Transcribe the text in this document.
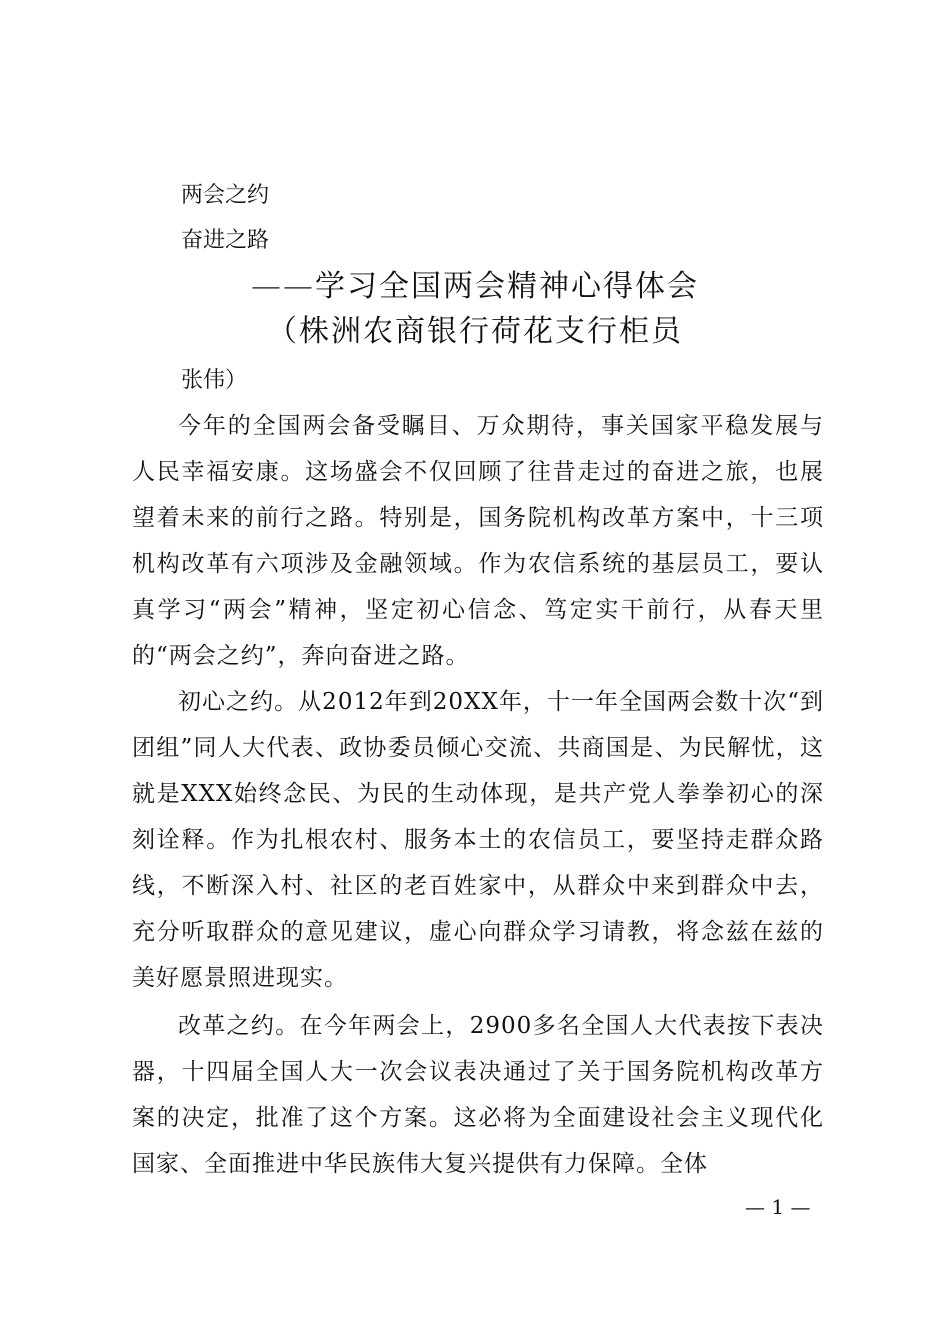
两会之约

奋进之路

——学习全国两会精神心得体会

（株洲农商银行荷花支行柜员

张伟）

今年的全国两会备受瞩目、万众期待，事关国家平稳发展与人民幸福安康。这场盛会不仅回顾了往昔走过的奋进之旅，也展望着未来的前行之路。特别是，国务院机构改革方案中，十三项机构改革有六项涉及金融领域。作为农信系统的基层员工，要认真学习“两会”精神，坚定初心信念、笃定实干前行，从春天里的“两会之约”，奔向奋进之路。

初心之约。从2012年到20XX年，十一年全国两会数十次“到团组”同人大代表、政协委员倾心交流、共商国是、为民解忧，这就是XXX始终念民、为民的生动体现，是共产党人拳拳初心的深刻诠释。作为扎根农村、服务本土的农信员工，要坚持走群众路线，不断深入村、社区的老百姓家中，从群众中来到群众中去，充分听取群众的意见建议，虚心向群众学习请教，将念兹在兹的美好愿景照进现实。

改革之约。在今年两会上，2900多名全国人大代表按下表决器，十四届全国人大一次会议表决通过了关于国务院机构改革方案的决定，批准了这个方案。这必将为全面建设社会主义现代化国家、全面推进中华民族伟大复兴提供有力保障。全体

— 1 —
